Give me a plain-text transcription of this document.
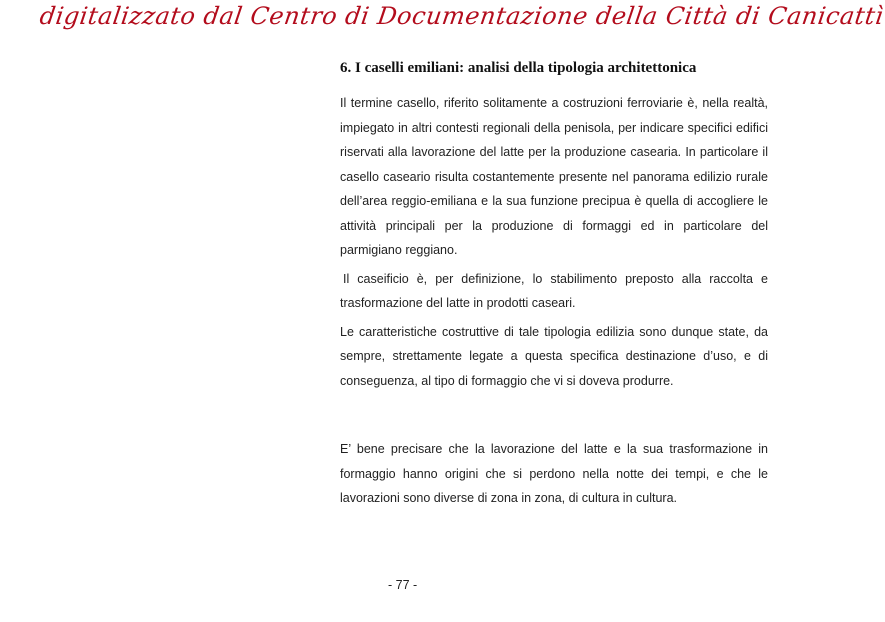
digitalizzato dal Centro di Documentazione della Città di Canicattì
6. I caselli emiliani: analisi della tipologia architettonica

Il termine casello, riferito solitamente a costruzioni ferroviarie è, nella realtà, impiegato in altri contesti regionali della penisola, per indicare specifici edifici riservati alla lavorazione del latte per la produzione casearia. In particolare il casello caseario risulta costantemente presente nel panorama edilizio rurale dell’area reggio-emiliana e la sua funzione precipua è quella di accogliere le attività principali per la produzione di formaggi ed in particolare del parmigiano reggiano.

Il caseificio è, per definizione, lo stabilimento preposto alla raccolta e trasformazione del latte in prodotti caseari.

Le caratteristiche costruttive di tale tipologia edilizia sono dunque state, da sempre, strettamente legate a questa specifica destinazione d’uso, e di conseguenza, al tipo di formaggio che vi si doveva produrre.

E’ bene precisare che la lavorazione del latte e la sua trasformazione in formaggio hanno origini che si perdono nella notte dei tempi, e che le lavorazioni sono diverse di zona in zona, di cultura in cultura.

- 77 -
